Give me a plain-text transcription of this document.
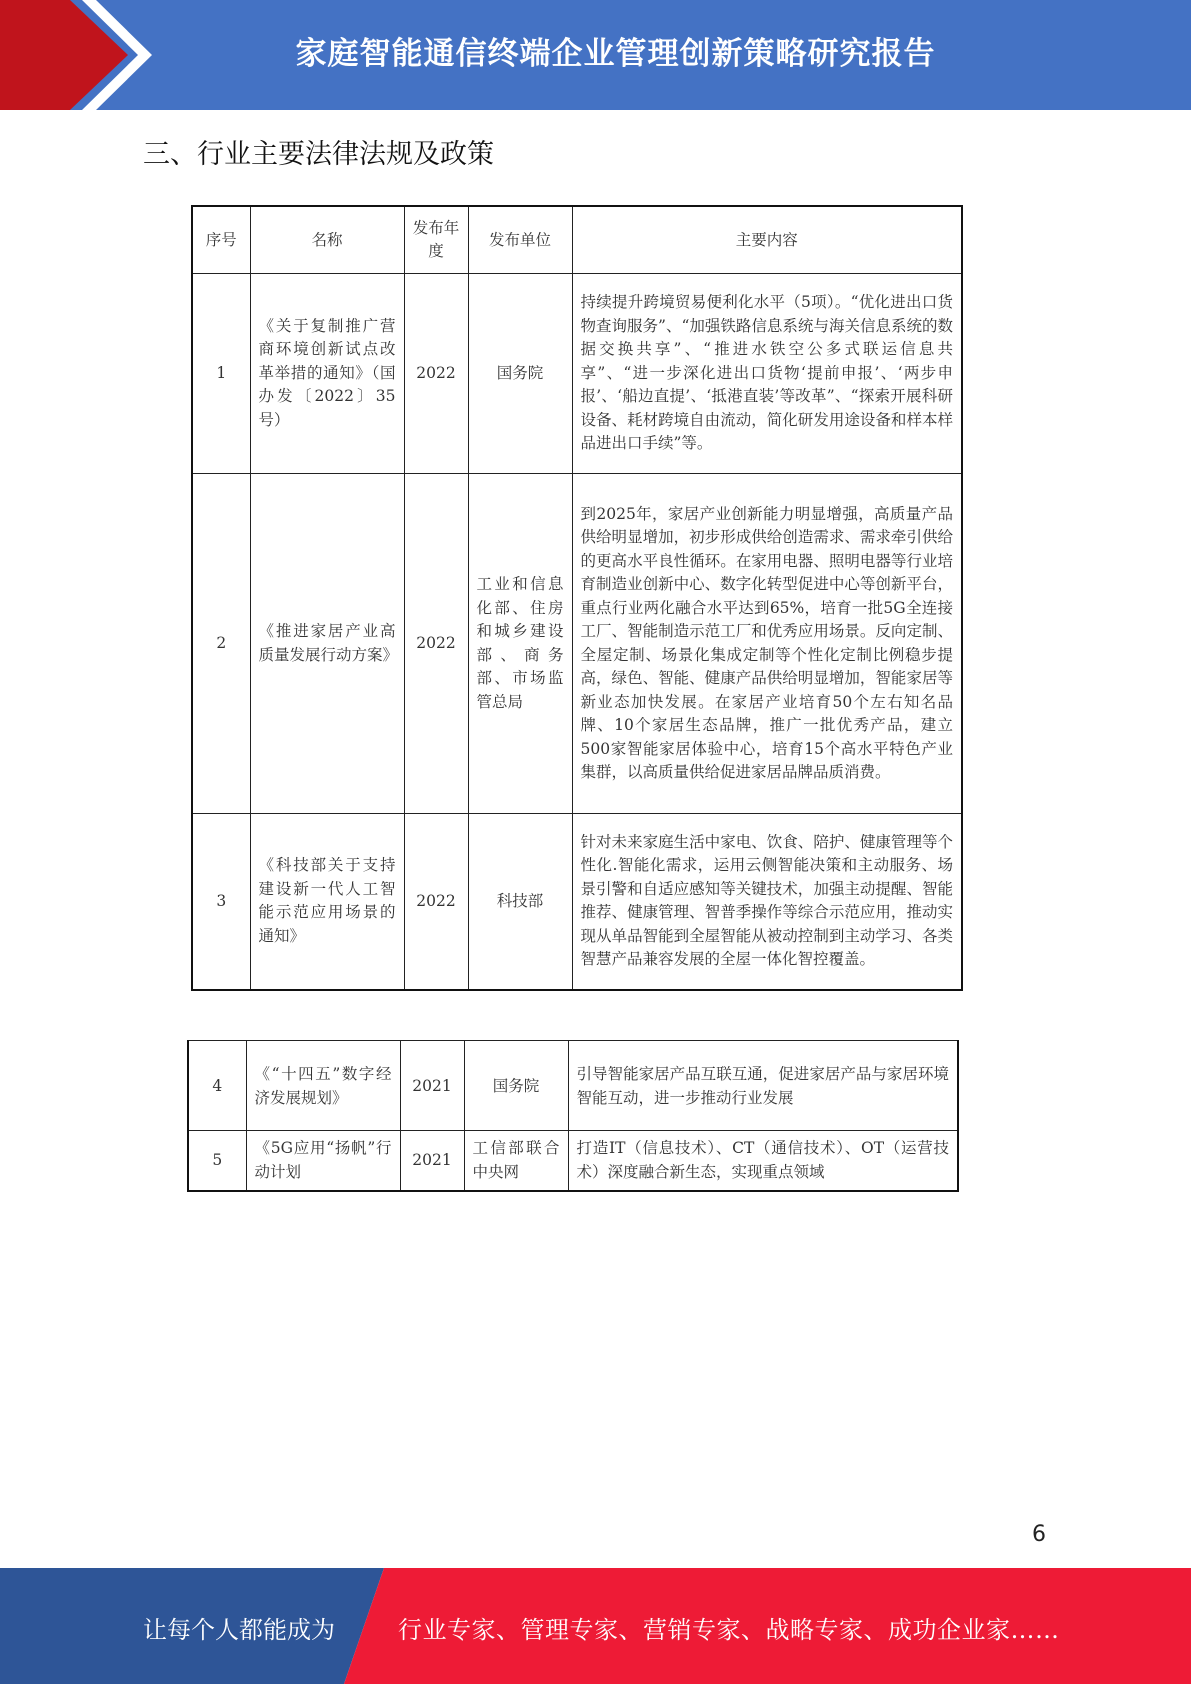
家庭智能通信终端企业管理创新策略研究报告
三、行业主要法律法规及政策
序号	名称	发布年度	发布单位	主要内容
1	《关于复制推广营商环境创新试点改革举措的通知》（国办发〔2022〕35号）	2022	国务院	持续提升跨境贸易便利化水平（5项）。“优化进出口货物查询服务”、“加强铁路信息系统与海关信息系统的数据交换共享”、“推进水铁空公多式联运信息共享”、“进一步深化进出口货物‘提前申报’、‘两步申报’、‘船边直提’、‘抵港直装’等改革”、“探索开展科研设备、耗材跨境自由流动，简化研发用途设备和样本样品进出口手续”等。
2	《推进家居产业高质量发展行动方案》	2022	工业和信息化部、住房和城乡建设部、商务部、市场监管总局	到2025年，家居产业创新能力明显增强，高质量产品供给明显增加，初步形成供给创造需求、需求牵引供给的更高水平良性循环。在家用电器、照明电器等行业培育制造业创新中心、数字化转型促进中心等创新平台，重点行业两化融合水平达到65%，培育一批5G全连接工厂、智能制造示范工厂和优秀应用场景。反向定制、全屋定制、场景化集成定制等个性化定制比例稳步提高，绿色、智能、健康产品供给明显增加，智能家居等新业态加快发展。在家居产业培育50个左右知名品牌、10个家居生态品牌，推广一批优秀产品，建立500家智能家居体验中心，培育15个高水平特色产业集群，以高质量供给促进家居品牌品质消费。
3	《科技部关于支持建设新一代人工智能示范应用场景的通知》	2022	科技部	针对未来家庭生活中家电、饮食、陪护、健康管理等个性化.智能化需求，运用云侧智能决策和主动服务、场景引警和自适应感知等关键技术，加强主动提醒、智能推荐、健康管理、智普季操作等综合示范应用，推动实现从单品智能到全屋智能从被动控制到主动学习、各类智慧产品兼容发展的全屋一体化智控覆盖。
4	《“十四五”数字经济发展规划》	2021	国务院	引导智能家居产品互联互通，促进家居产品与家居环境智能互动，进一步推动行业发展
5	《5G应用“扬帆”行动计划	2021	工信部联合中央网	打造IT（信息技术）、CT（通信技术）、OT（运营技术）深度融合新生态，实现重点领域
6
让每个人都能成为	行业专家、管理专家、营销专家、战略专家、成功企业家……
